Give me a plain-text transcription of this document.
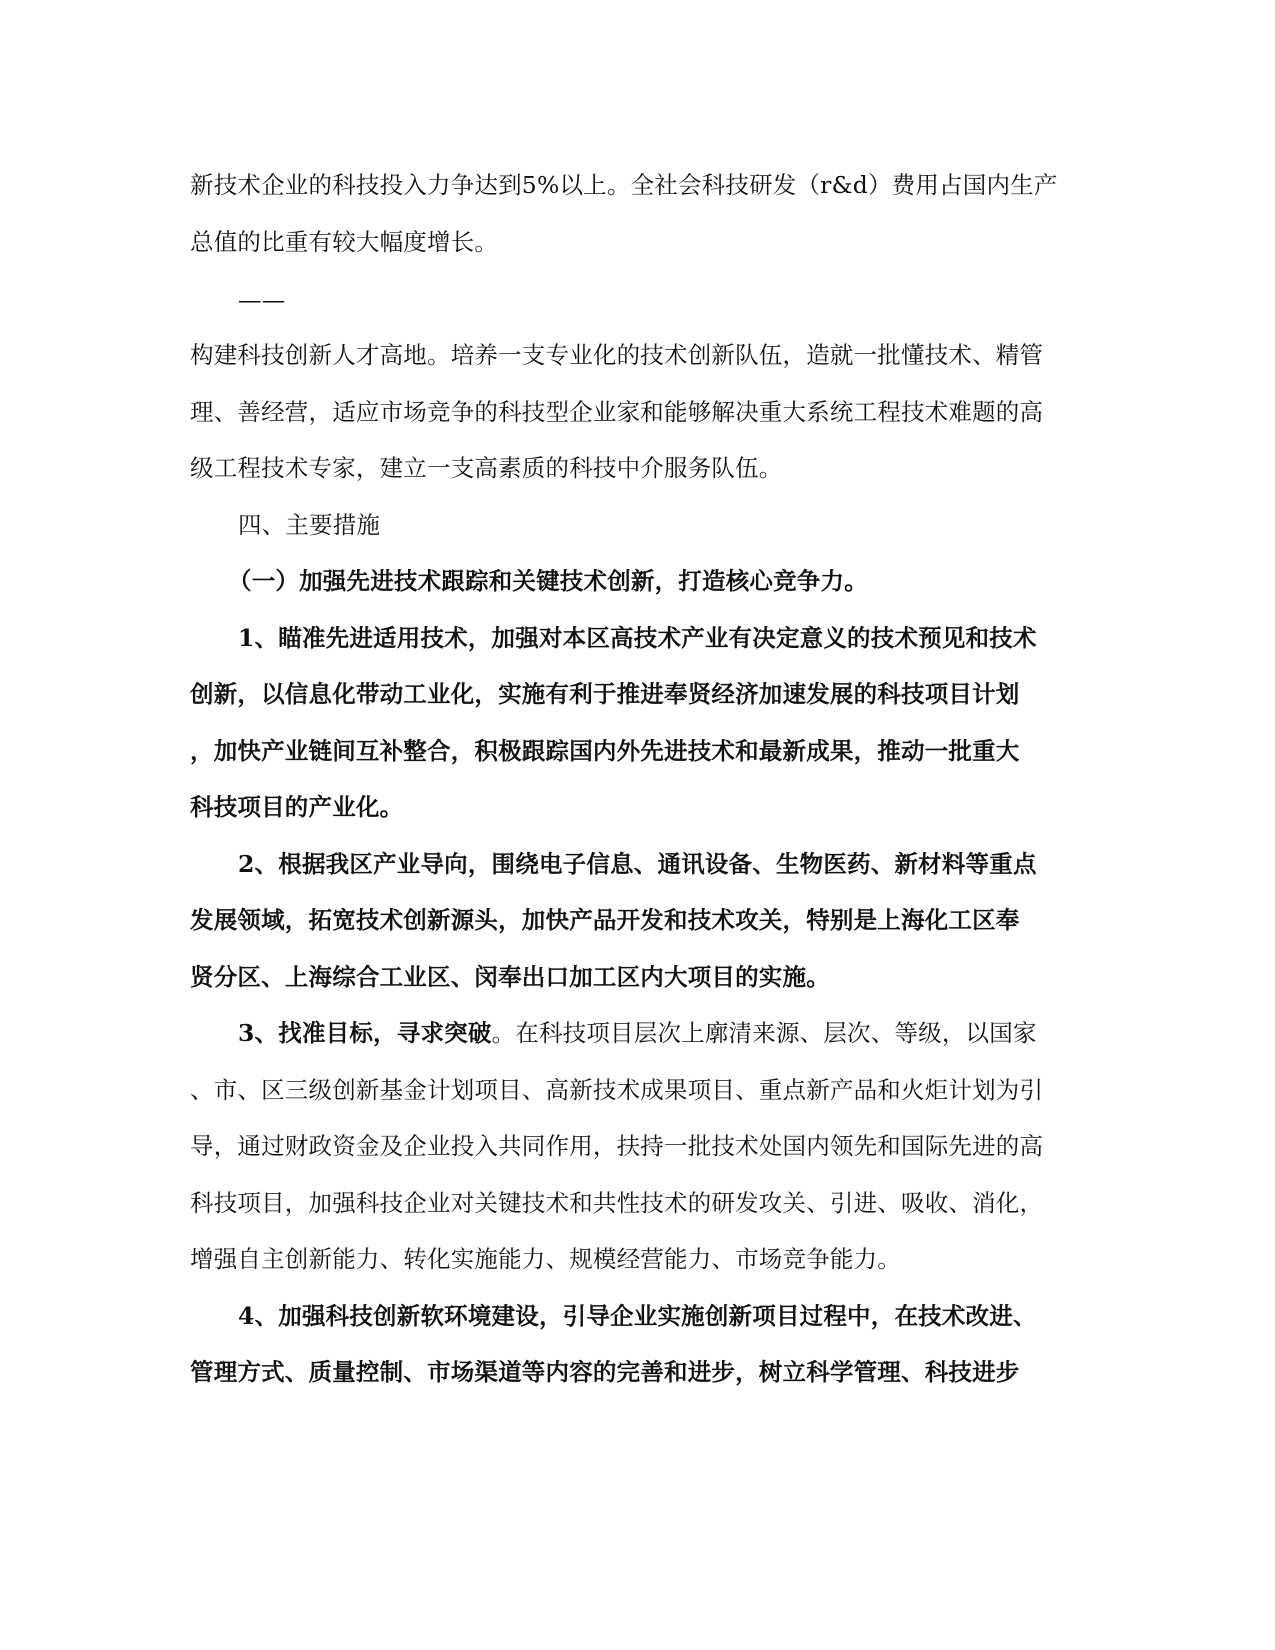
新技术企业的科技投入力争达到5%以上。全社会科技研发（r&d）费用占国内生产
总值的比重有较大幅度增长。
——
构建科技创新人才高地。培养一支专业化的技术创新队伍，造就一批懂技术、精管
理、善经营，适应市场竞争的科技型企业家和能够解决重大系统工程技术难题的高
级工程技术专家，建立一支高素质的科技中介服务队伍。
四、主要措施
（一）加强先进技术跟踪和关键技术创新，打造核心竞争力。
1、瞄准先进适用技术，加强对本区高技术产业有决定意义的技术预见和技术
创新，以信息化带动工业化，实施有利于推进奉贤经济加速发展的科技项目计划
，加快产业链间互补整合，积极跟踪国内外先进技术和最新成果，推动一批重大
科技项目的产业化。
2、根据我区产业导向，围绕电子信息、通讯设备、生物医药、新材料等重点
发展领域，拓宽技术创新源头，加快产品开发和技术攻关，特别是上海化工区奉
贤分区、上海综合工业区、闵奉出口加工区内大项目的实施。
3、找准目标，寻求突破。在科技项目层次上廓清来源、层次、等级，以国家
、市、区三级创新基金计划项目、高新技术成果项目、重点新产品和火炬计划为引
导，通过财政资金及企业投入共同作用，扶持一批技术处国内领先和国际先进的高
科技项目，加强科技企业对关键技术和共性技术的研发攻关、引进、吸收、消化，
增强自主创新能力、转化实施能力、规模经营能力、市场竞争能力。
4、加强科技创新软环境建设，引导企业实施创新项目过程中，在技术改进、
管理方式、质量控制、市场渠道等内容的完善和进步，树立科学管理、科技进步
